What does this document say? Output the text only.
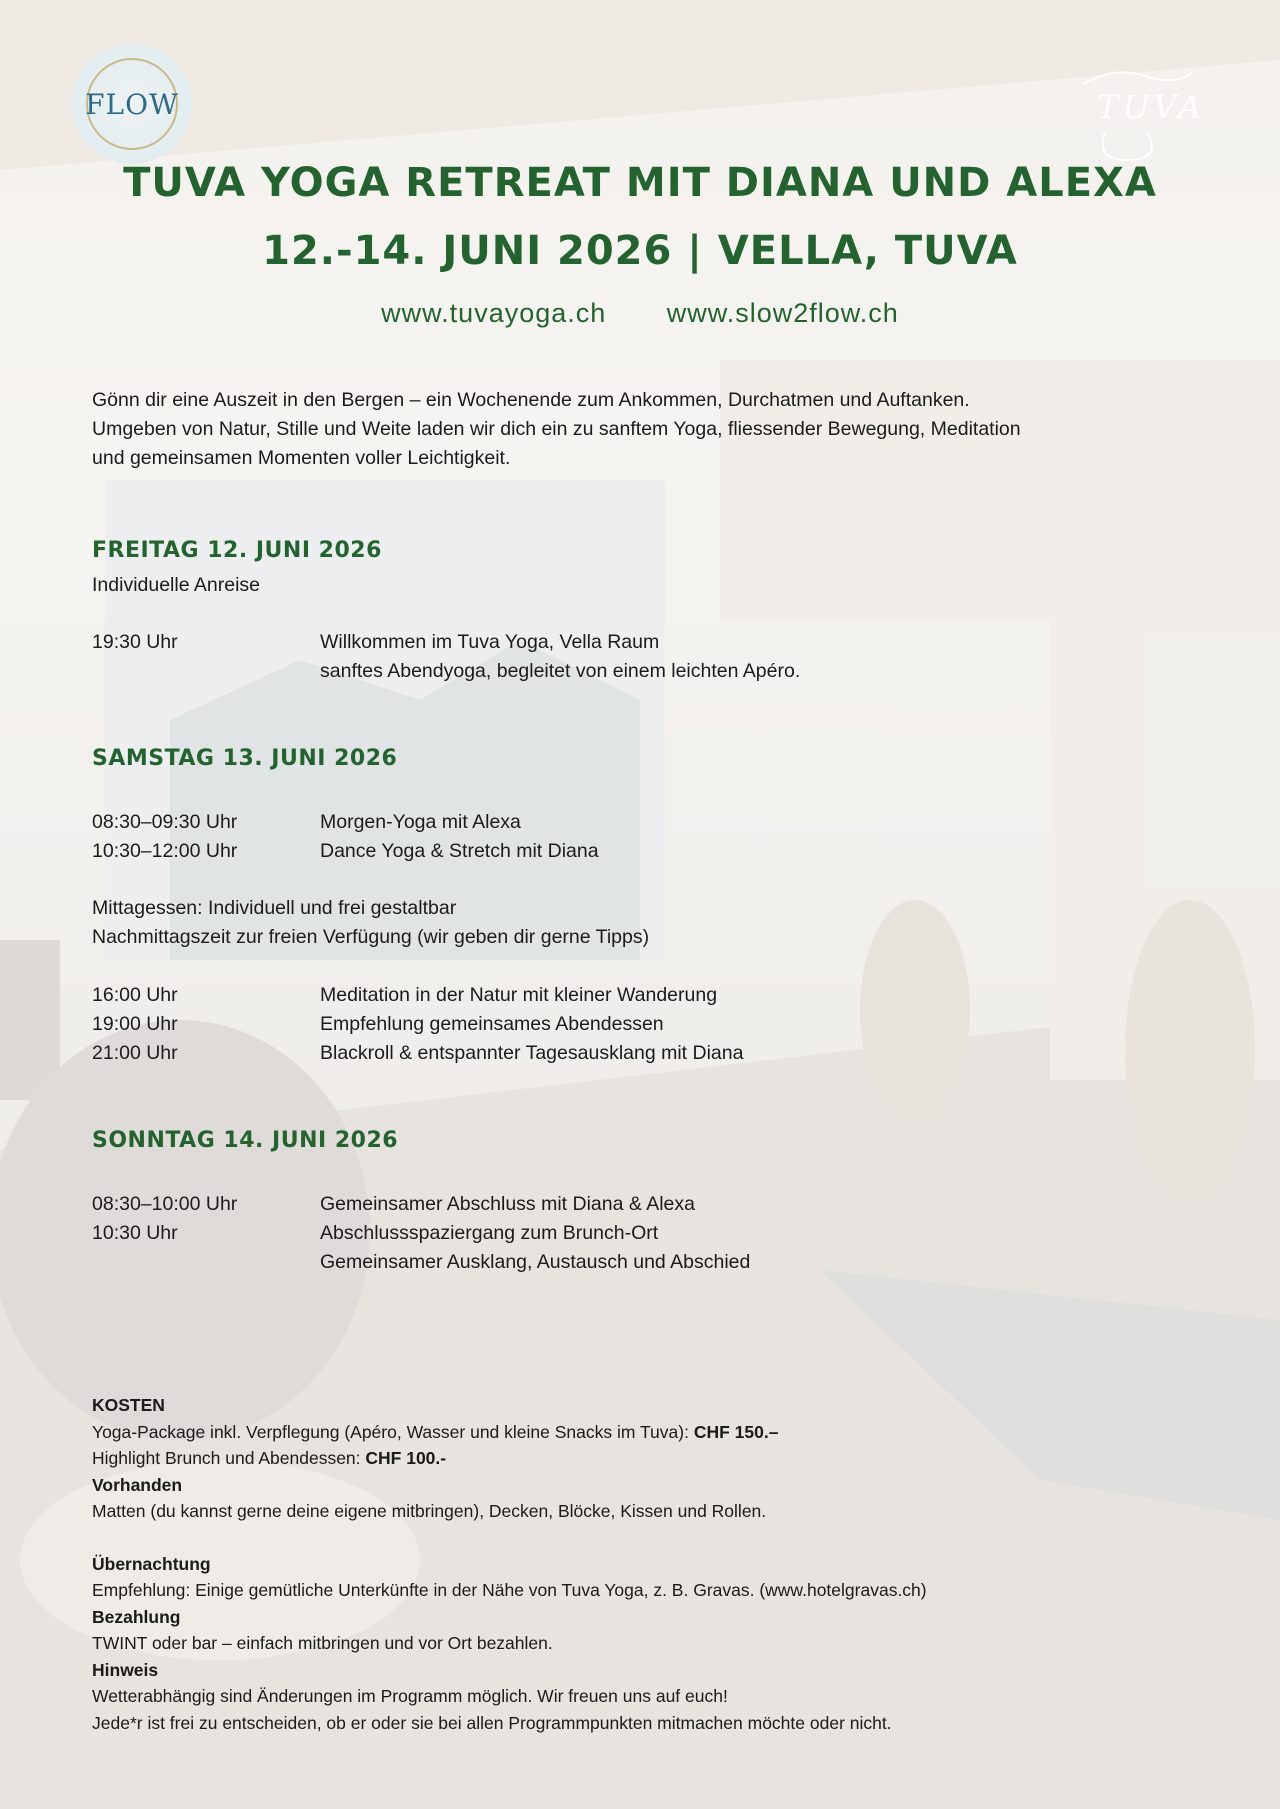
FLOW	TUVA
TUVA YOGA RETREAT MIT DIANA UND ALEXA
12.-14. JUNI 2026 | VELLA, TUVA
www.tuvayoga.ch www.slow2flow.ch
Gönn dir eine Auszeit in den Bergen – ein Wochenende zum Ankommen, Durchatmen und Auftanken.
Umgeben von Natur, Stille und Weite laden wir dich ein zu sanftem Yoga, fliessender Bewegung, Meditation
und gemeinsamen Momenten voller Leichtigkeit.
FREITAG 12. JUNI 2026
Individuelle Anreise
19:30 Uhr	Willkommen im Tuva Yoga, Vella Raum
sanftes Abendyoga, begleitet von einem leichten Apéro.
SAMSTAG 13. JUNI 2026
08:30–09:30 Uhr	Morgen-Yoga mit Alexa
10:30–12:00 Uhr	Dance Yoga & Stretch mit Diana
Mittagessen: Individuell und frei gestaltbar
Nachmittagszeit zur freien Verfügung (wir geben dir gerne Tipps)
16:00 Uhr	Meditation in der Natur mit kleiner Wanderung
19:00 Uhr	Empfehlung gemeinsames Abendessen
21:00 Uhr	Blackroll & entspannter Tagesausklang mit Diana
SONNTAG 14. JUNI 2026
08:30–10:00 Uhr	Gemeinsamer Abschluss mit Diana & Alexa
10:30 Uhr	Abschlussspaziergang zum Brunch-Ort
Gemeinsamer Ausklang, Austausch und Abschied
KOSTEN
Yoga-Package inkl. Verpflegung (Apéro, Wasser und kleine Snacks im Tuva): CHF 150.–
Highlight Brunch und Abendessen: CHF 100.-
Vorhanden
Matten (du kannst gerne deine eigene mitbringen), Decken, Blöcke, Kissen und Rollen.
Übernachtung
Empfehlung: Einige gemütliche Unterkünfte in der Nähe von Tuva Yoga, z. B. Gravas. (www.hotelgravas.ch)
Bezahlung
TWINT oder bar – einfach mitbringen und vor Ort bezahlen.
Hinweis
Wetterabhängig sind Änderungen im Programm möglich. Wir freuen uns auf euch!
Jede*r ist frei zu entscheiden, ob er oder sie bei allen Programmpunkten mitmachen möchte oder nicht.
